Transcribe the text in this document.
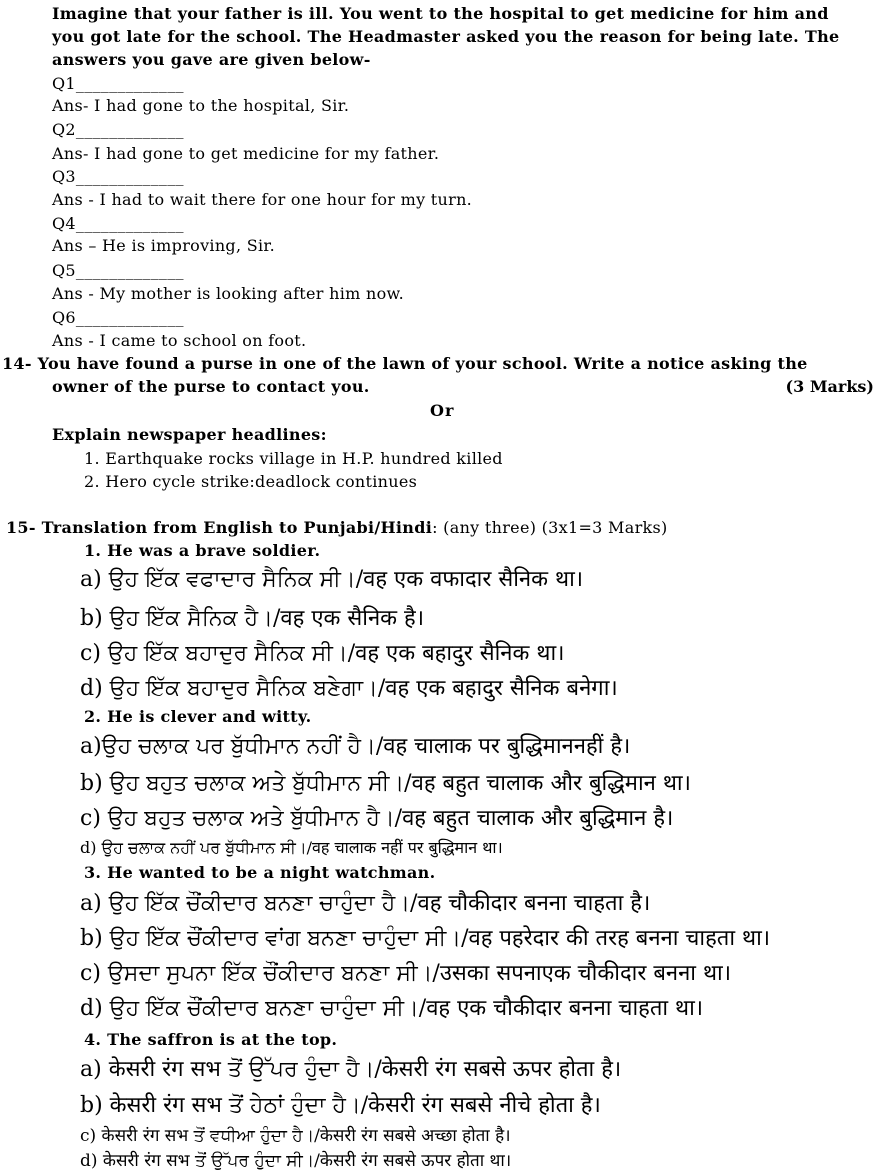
Imagine that your father is ill. You went to the hospital to get medicine for him and
you got late for the school. The Headmaster asked you the reason for being late. The
answers you gave are given below-
Q1_____________
Ans- I had gone to the hospital, Sir.
Q2_____________
Ans- I had gone to get medicine for my father.
Q3_____________
Ans - I had to wait there for one hour for my turn.
Q4_____________
Ans – He is improving, Sir.
Q5_____________
Ans - My mother is looking after him now.
Q6_____________
Ans - I came to school on foot.
14- You have found a purse in one of the lawn of your school. Write a notice asking the
owner of the purse to contact you.	(3 Marks)
Or
Explain newspaper headlines:
1. Earthquake rocks village in H.P. hundred killed
2. Hero cycle strike:deadlock continues
15- Translation from English to Punjabi/Hindi: (any three) (3x1=3 Marks)
1. He was a brave soldier.
a) ਉਹ ਇੱਕ ਵਫਾਦਾਰ ਸੈਨਿਕ ਸੀ।/वह एक वफादार सैनिक था।
b) ਉਹ ਇੱਕ ਸੈਨਿਕ ਹੈ।/वह एक सैनिक है।
c) ਉਹ ਇੱਕ ਬਹਾਦੁਰ ਸੈਨਿਕ ਸੀ।/वह एक बहादुर सैनिक था।
d) ਉਹ ਇੱਕ ਬਹਾਦੁਰ ਸੈਨਿਕ ਬਣੇਗਾ।/वह एक बहादुर सैनिक बनेगा।
2. He is clever and witty.
a)ਉਹ ਚਲਾਕ ਪਰ ਬੁੱਧੀਮਾਨ ਨਹੀਂ ਹੈ।/वह चालाक पर बुद्धिमाननहीं है।
b) ਉਹ ਬਹੁਤ ਚਲਾਕ ਅਤੇ ਬੁੱਧੀਮਾਨ ਸੀ।/वह बहुत चालाक और बुद्धिमान था।
c) ਉਹ ਬਹੁਤ ਚਲਾਕ ਅਤੇ ਬੁੱਧੀਮਾਨ ਹੈ।/वह बहुत चालाक और बुद्धिमान है।
d) ਉਹ ਚਲਾਕ ਨਹੀਂ ਪਰ ਬੁੱਧੀਮਾਨ ਸੀ।/वह चालाक नहीं पर बुद्धिमान था।
3. He wanted to be a night watchman.
a) ਉਹ ਇੱਕ ਚੌਂਕੀਦਾਰ ਬਨਣਾ ਚਾਹੁੰਦਾ ਹੈ।/वह चौकीदार बनना चाहता है।
b) ਉਹ ਇੱਕ ਚੌਂਕੀਦਾਰ ਵਾਂਗ ਬਨਣਾ ਚਾਹੁੰਦਾ ਸੀ।/वह पहरेदार की तरह बनना चाहता था।
c) ਉਸਦਾ ਸੁਪਨਾ ਇੱਕ ਚੌਂਕੀਦਾਰ ਬਨਣਾ ਸੀ।/उसका सपनाएक चौकीदार बनना था।
d) ਉਹ ਇੱਕ ਚੌਂਕੀਦਾਰ ਬਨਣਾ ਚਾਹੁੰਦਾ ਸੀ।/वह एक चौकीदार बनना चाहता था।
4. The saffron is at the top.
a) केसरी रंग सभ ਤੋਂ ਉੱਪਰ ਹੁੰਦਾ ਹੈ।/केसरी रंग सबसे ऊपर होता है।
b) केसरी रंग सभ ਤੋਂ ਹੇਠਾਂ ਹੁੰਦਾ ਹੈ।/केसरी रंग सबसे नीचे होता है।
c) केसरी रंग सभ ਤੋਂ ਵਧੀਆ ਹੁੰਦਾ ਹੈ।/केसरी रंग सबसे अच्छा होता है।
d) केसरी रंग सभ ਤੋਂ ਉੱਪਰ ਹੁੰਦਾ ਸੀ।/केसरी रंग सबसे ऊपर होता था।
